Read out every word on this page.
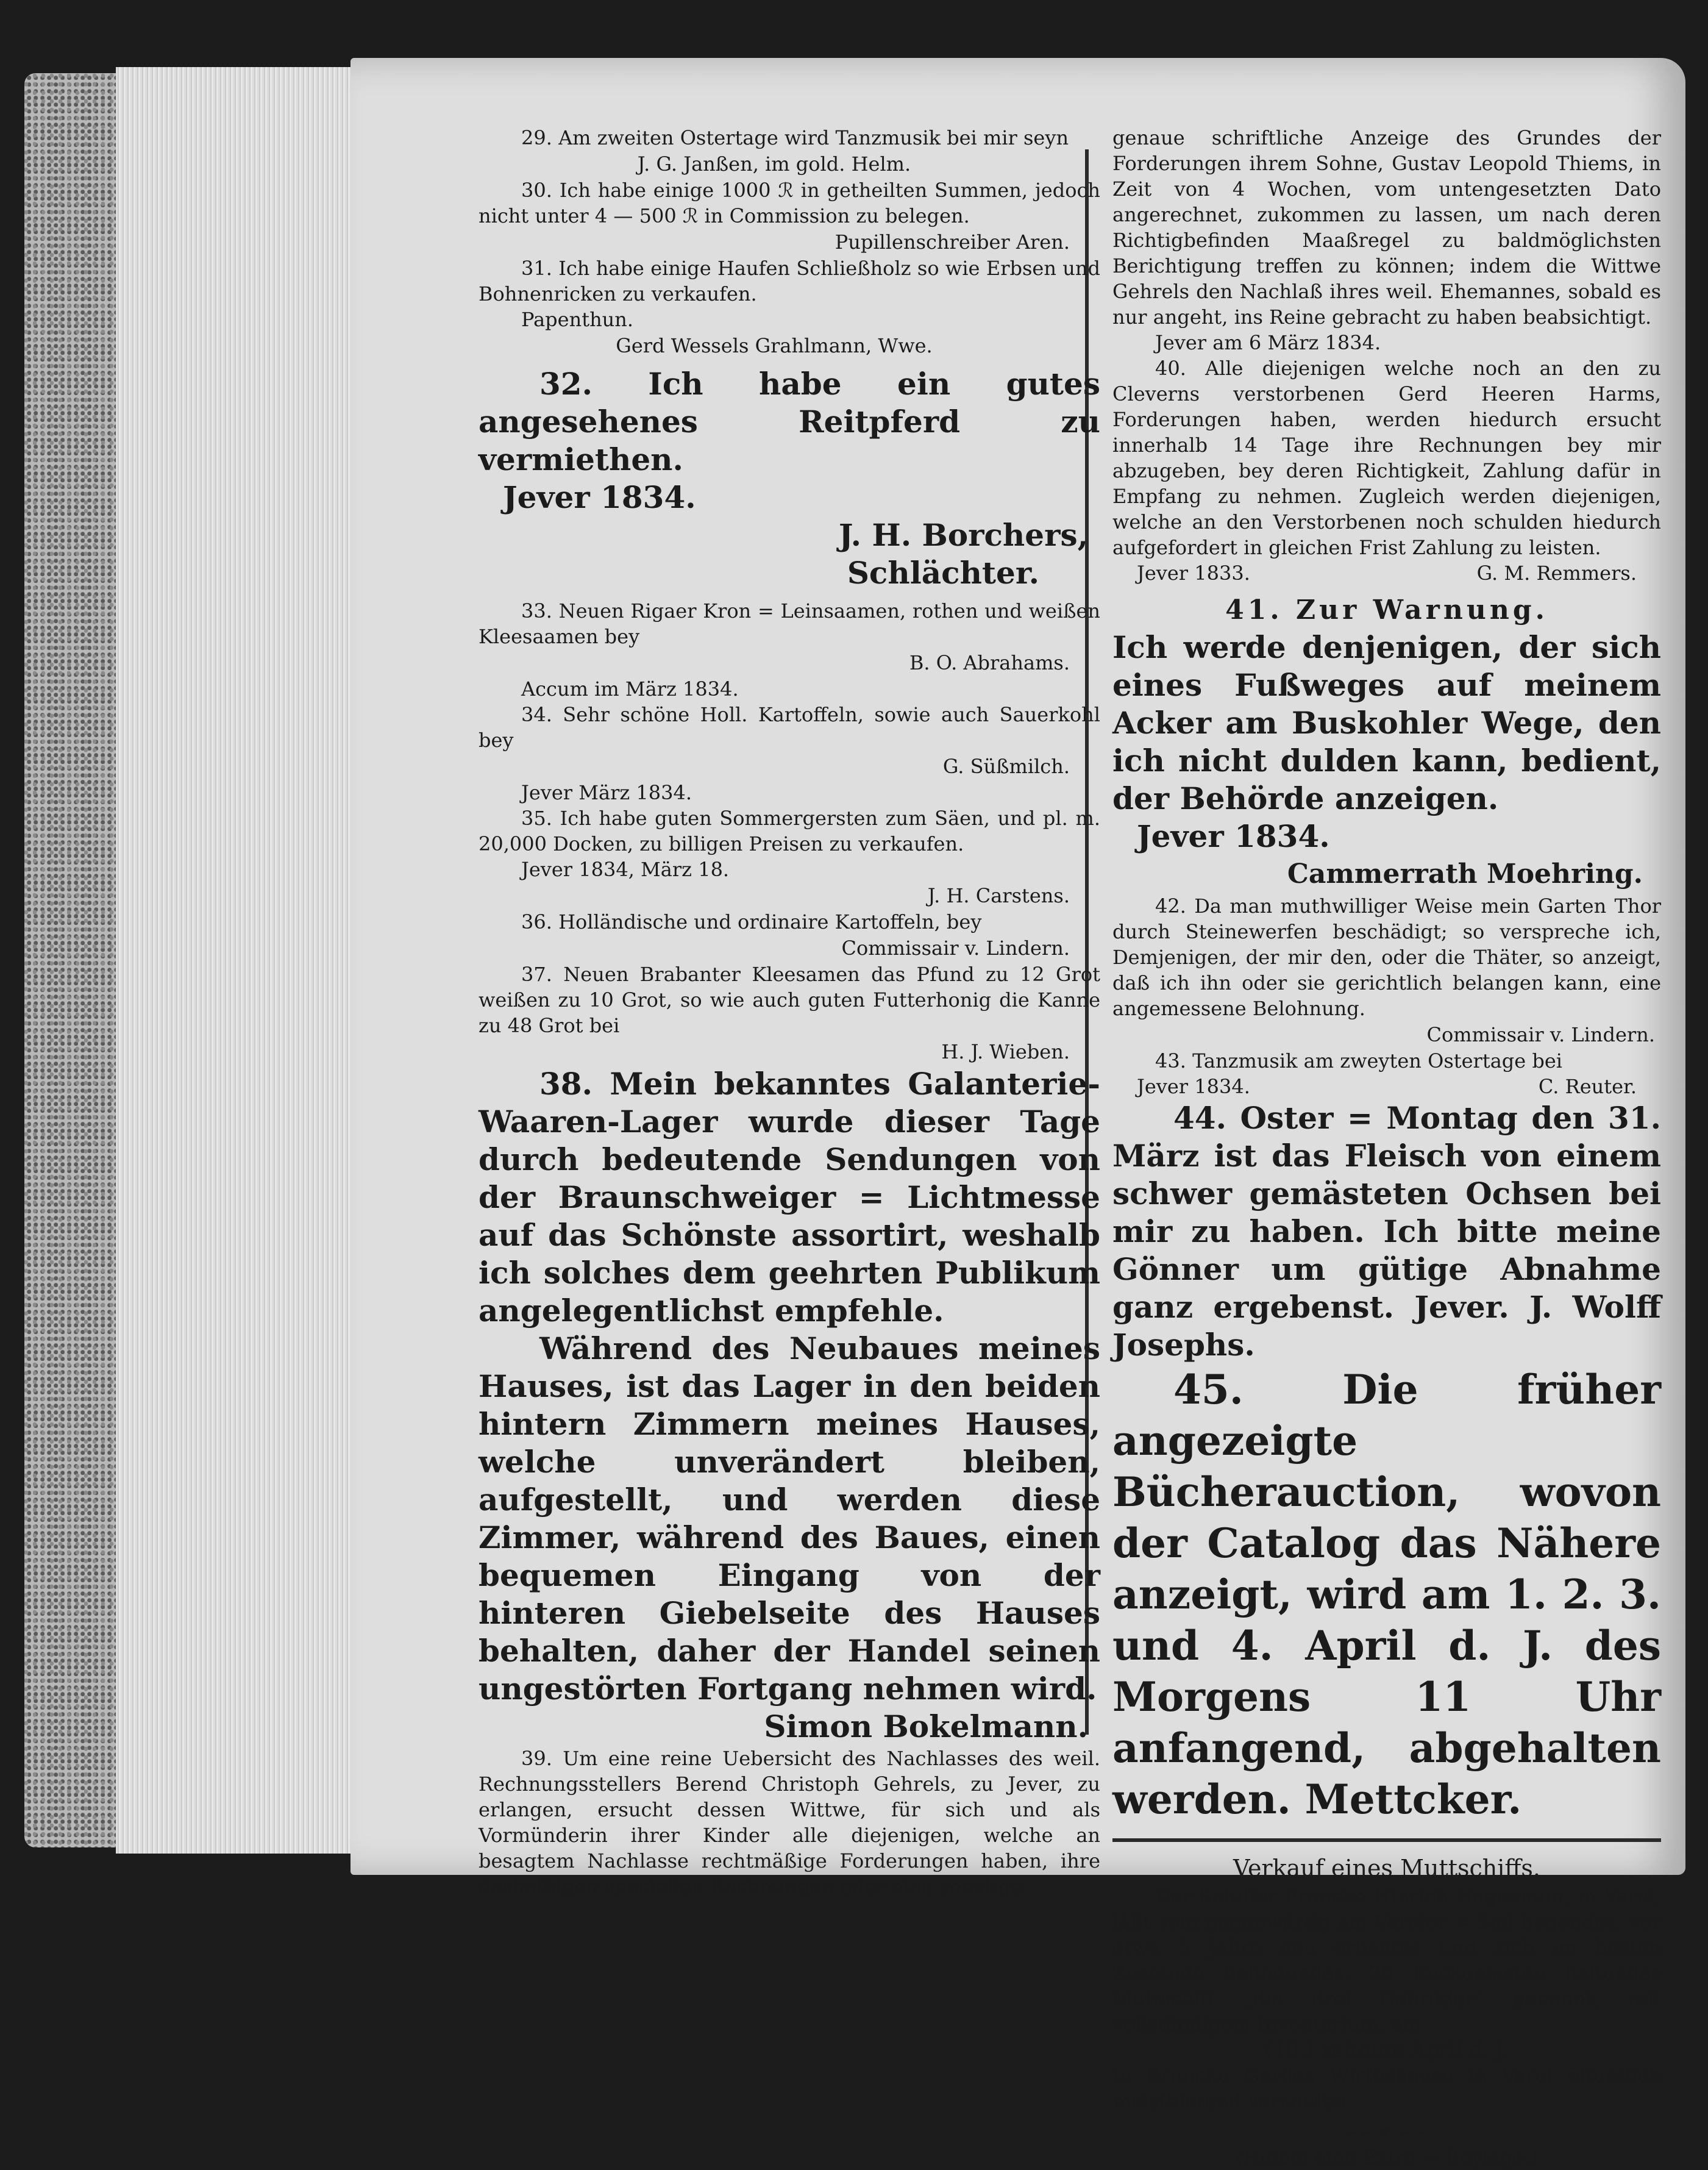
29. Am zweiten Ostertage wird Tanzmusik bei mir seyn

J. G. Janßen, im gold. Helm.

30. Ich habe einige 1000 ℛ in getheilten Summen, jedoch nicht unter 4 — 500 ℛ in Commission zu belegen.

Pupillenschreiber Aren.

31. Ich habe einige Haufen Schließholz so wie Erbsen und Bohnenricken zu verkaufen.

Papenthun.

Gerd Wessels Grahlmann, Wwe.

32. Ich habe ein gutes angesehenes Reitpferd zu vermiethen.

Jever 1834.

J. H. Borchers,

Schlächter.

33. Neuen Rigaer Kron = Leinsaamen, rothen und weißen Kleesaamen bey

B. O. Abrahams.

Accum im März 1834.

34. Sehr schöne Holl. Kartoffeln, sowie auch Sauerkohl bey

G. Süßmilch.

Jever März 1834.

35. Ich habe guten Sommergersten zum Säen, und pl. m. 20,000 Docken, zu billigen Preisen zu verkaufen.

Jever 1834, März 18.

J. H. Carstens.

36. Holländische und ordinaire Kartoffeln, bey

Commissair v. Lindern.

37. Neuen Brabanter Kleesamen das Pfund zu 12 Grot weißen zu 10 Grot, so wie auch guten Futterhonig die Kanne zu 48 Grot bei

H. J. Wieben.

38. Mein bekanntes Galanterie-Waaren-Lager wurde dieser Tage durch bedeutende Sendungen von der Braunschweiger = Lichtmesse auf das Schönste assortirt, weshalb ich solches dem geehrten Publikum angelegentlichst empfehle.

Während des Neubaues meines Hauses, ist das Lager in den beiden hintern Zimmern meines Hauses, welche unverändert bleiben, aufgestellt, und werden diese Zimmer, während des Baues, einen bequemen Eingang von der hinteren Giebelseite des Hauses behalten, daher der Handel seinen ungestörten Fortgang nehmen wird.

Simon Bokelmann.

39. Um eine reine Uebersicht des Nachlasses des weil. Rechnungsstellers Berend Christoph Gehrels, zu Jever, zu erlangen, ersucht dessen Wittwe, für sich und als Vormünderin ihrer Kinder alle diejenigen, welche an besagtem Nachlasse rechtmäßige Forderungen haben, ihre deshalbigen speciellen Rechnungen oder eine sonstige

genaue schriftliche Anzeige des Grundes der Forderungen ihrem Sohne, Gustav Leopold Thiems, in Zeit von 4 Wochen, vom untengesetzten Dato angerechnet, zukommen zu lassen, um nach deren Richtigbefinden Maaßregel zu baldmöglichsten Berichtigung treffen zu können; indem die Wittwe Gehrels den Nachlaß ihres weil. Ehemannes, sobald es nur angeht, ins Reine gebracht zu haben beabsichtigt.

Jever am 6 März 1834.

40. Alle diejenigen welche noch an den zu Cleverns verstorbenen Gerd Heeren Harms, Forderungen haben, werden hiedurch ersucht innerhalb 14 Tage ihre Rechnungen bey mir abzugeben, bey deren Richtigkeit, Zahlung dafür in Empfang zu nehmen. Zugleich werden diejenigen, welche an den Verstorbenen noch schulden hiedurch aufgefordert in gleichen Frist Zahlung zu leisten.

Jever 1833.	G. M. Remmers.

41. Zur Warnung.

Ich werde denjenigen, der sich eines Fußweges auf meinem Acker am Buskohler Wege, den ich nicht dulden kann, bedient, der Behörde anzeigen.

Jever 1834.

Cammerrath Moehring.

42. Da man muthwilliger Weise mein Garten Thor durch Steinewerfen beschädigt; so verspreche ich, Demjenigen, der mir den, oder die Thäter, so anzeigt, daß ich ihn oder sie gerichtlich belangen kann, eine angemessene Belohnung.

Commissair v. Lindern.

43. Tanzmusik am zweyten Ostertage bei

Jever 1834.	C. Reuter.

44. Oster = Montag den 31. März ist das Fleisch von einem schwer gemästeten Ochsen bei mir zu haben. Ich bitte meine Gönner um gütige Abnahme ganz ergebenst. Jever. J. Wolff Josephs.

45. Die früher angezeigte Bücherauction, wovon der Catalog das Nähere anzeigt, wird am 1. 2. 3. und 4. April d. J. des Morgens 11 Uhr anfangend, abgehalten werden. Mettcker.

Verkauf eines Muttschiffs.

Der Schiffer Francke Hinrich Hagemann, in Varel, läßt sein gegenwärtig am Vareler = Siel liegendes, vor etwa 5 Jahre neu erbautes und sich im besten Zustande befindendes, 20 Rockenlasten haltendes Muttschiff „die drei Gebrüder“ genannt, mit vollständigem Inventarium, am

(10.) zehnten April d. J.

in Bruncke Gerdes Wirthshause in Varel öffentlich meistbietend verkaufen.

~~✦~~

(Hiebei eine Extra = Beylage.)
